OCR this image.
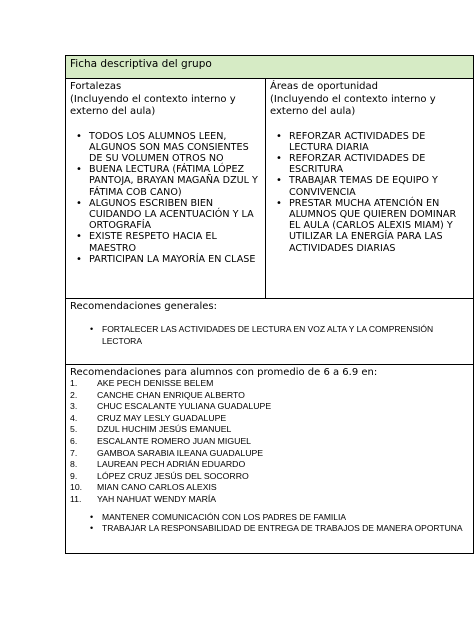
Ficha descriptiva del grupo
Fortalezas
(Incluyendo el contexto interno y
externo del aula)
• TODOS LOS ALUMNOS LEEN, ALGUNOS SON MAS CONSIENTES DE SU VOLUMEN OTROS NO
• BUENA LECTURA (FÁTIMA LÓPEZ PANTOJA, BRAYAN MAGAÑA DZUL Y FÁTIMA COB CANO)
• ALGUNOS ESCRIBEN BIEN CUIDANDO LA ACENTUACIÓN Y LA ORTOGRAFÍA
• EXISTE RESPETO HACIA EL MAESTRO
• PARTICIPAN LA MAYORÍA EN CLASE
Áreas de oportunidad
(Incluyendo el contexto interno y
externo del aula)
• REFORZAR ACTIVIDADES DE LECTURA DIARIA
• REFORZAR ACTIVIDADES DE ESCRITURA
• TRABAJAR TEMAS DE EQUIPO Y CONVIVENCIA
• PRESTAR MUCHA ATENCIÓN EN ALUMNOS QUE QUIEREN DOMINAR EL AULA (CARLOS ALEXIS MIAM) Y UTILIZAR LA ENERGÍA PARA LAS ACTIVIDADES DIARIAS
Recomendaciones generales:
• FORTALECER LAS ACTIVIDADES DE LECTURA EN VOZ ALTA Y LA COMPRENSIÓN LECTORA
Recomendaciones para alumnos con promedio de 6 a 6.9 en:
1.	AKE PECH DENISSE BELEM
2.	CANCHE CHAN ENRIQUE ALBERTO
3.	CHUC ESCALANTE YULIANA GUADALUPE
4.	CRUZ MAY LESLY GUADALUPE
5.	DZUL HUCHIM JESÚS EMANUEL
6.	ESCALANTE ROMERO JUAN MIGUEL
7.	GAMBOA SARABIA ILEANA GUADALUPE
8.	LAUREAN PECH ADRIÁN EDUARDO
9.	LÓPEZ CRUZ JESÚS DEL SOCORRO
10.	MIAN CANO CARLOS ALEXIS
11.	YAH NAHUAT WENDY MARÍA
• MANTENER COMUNICACIÓN CON LOS PADRES DE FAMILIA
• TRABAJAR LA RESPONSABILIDAD DE ENTREGA DE TRABAJOS DE MANERA OPORTUNA
